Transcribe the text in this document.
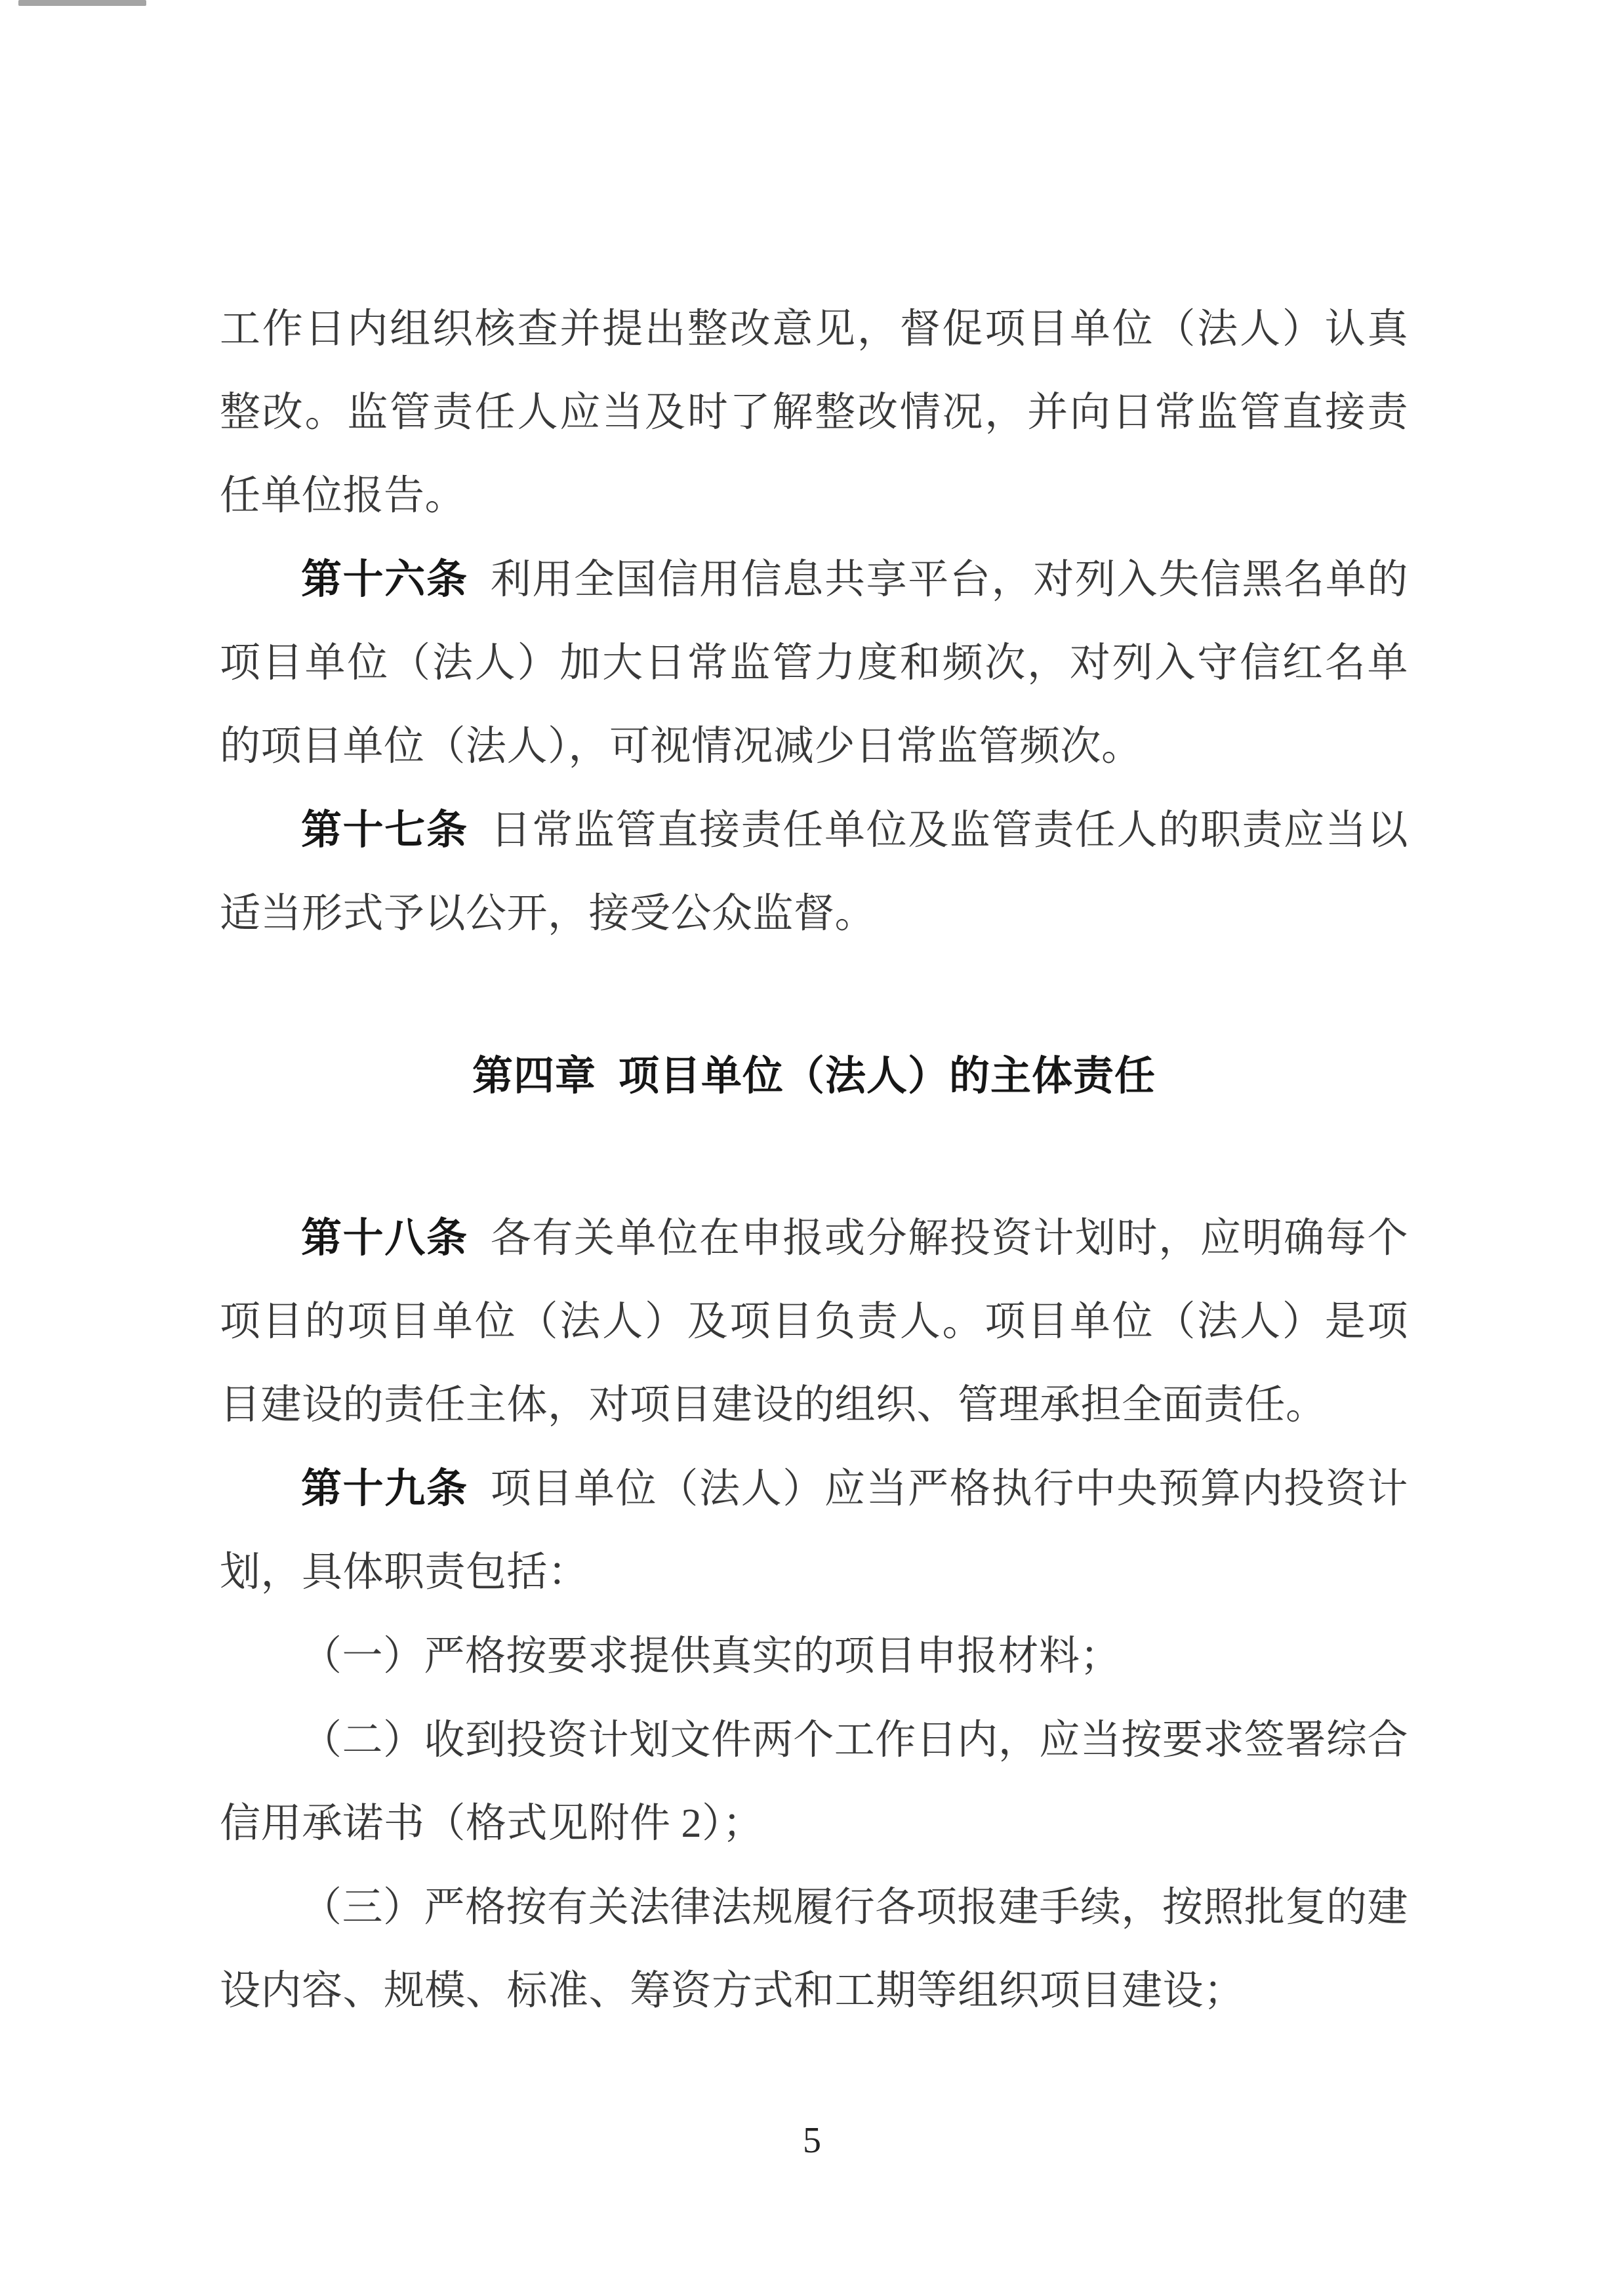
工作日内组织核查并提出整改意见，督促项目单位（法人）认真整改。监管责任人应当及时了解整改情况，并向日常监管直接责任单位报告。

第十六条 利用全国信用信息共享平台，对列入失信黑名单的项目单位（法人）加大日常监管力度和频次，对列入守信红名单的项目单位（法人），可视情况减少日常监管频次。

第十七条 日常监管直接责任单位及监管责任人的职责应当以适当形式予以公开，接受公众监督。

第四章 项目单位（法人）的主体责任

第十八条 各有关单位在申报或分解投资计划时，应明确每个项目的项目单位（法人）及项目负责人。项目单位（法人）是项目建设的责任主体，对项目建设的组织、管理承担全面责任。

第十九条 项目单位（法人）应当严格执行中央预算内投资计划，具体职责包括：

（一）严格按要求提供真实的项目申报材料；

（二）收到投资计划文件两个工作日内，应当按要求签署综合信用承诺书（格式见附件 2）；

（三）严格按有关法律法规履行各项报建手续，按照批复的建设内容、规模、标准、筹资方式和工期等组织项目建设；

5
